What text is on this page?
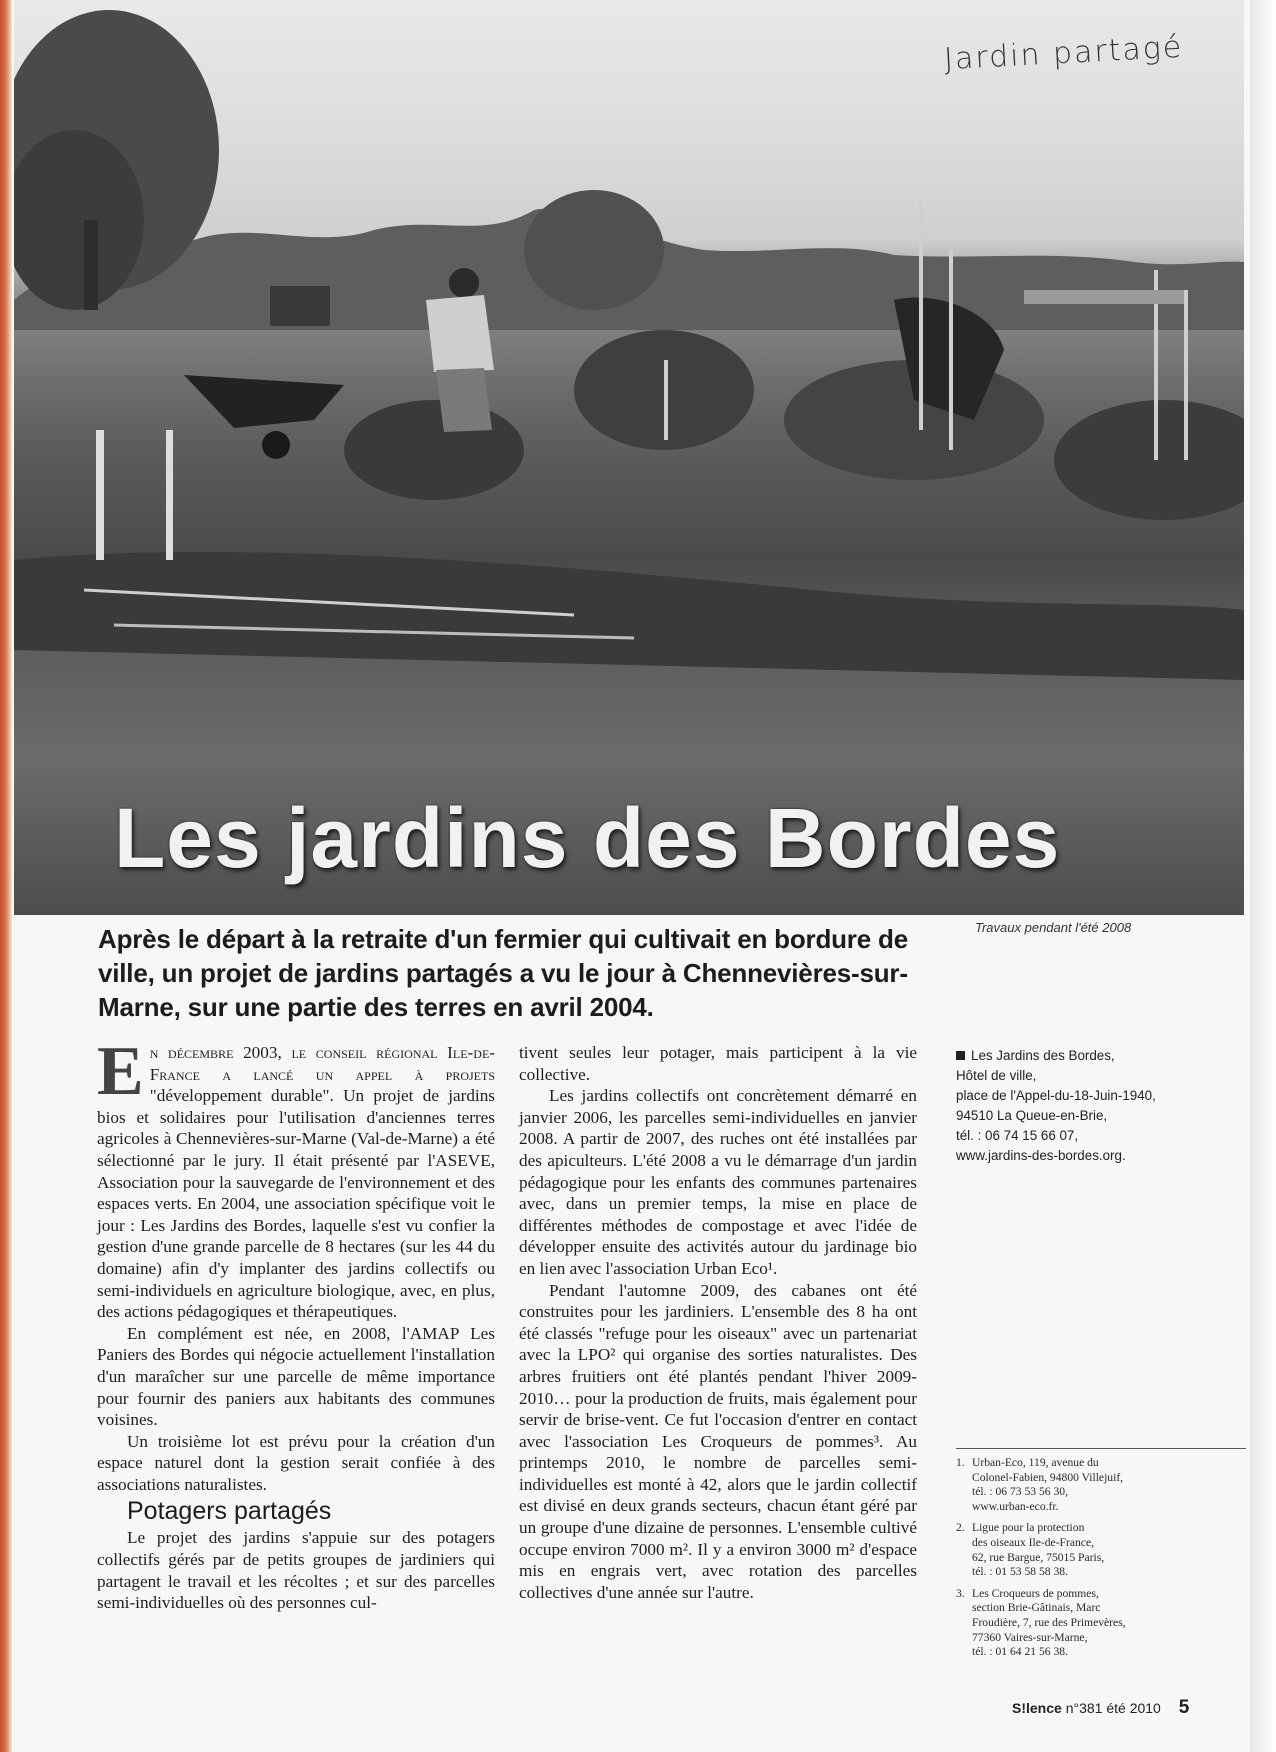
Jardin partagé
Les jardins des Bordes
Travaux pendant l'été 2008
Après le départ à la retraite d'un fermier qui cultivait en bordure de ville, un projet de jardins partagés a vu le jour à Chennevières-sur-Marne, sur une partie des terres en avril 2004.

En décembre 2003, le conseil régional Ile-de-France a lancé un appel à projets "développement durable". Un projet de jardins bios et solidaires pour l'utilisation d'anciennes terres agricoles à Chennevières-sur-Marne (Val-de-Marne) a été sélectionné par le jury. Il était présenté par l'ASEVE, Association pour la sauvegarde de l'environnement et des espaces verts. En 2004, une association spécifique voit le jour : Les Jardins des Bordes, laquelle s'est vu confier la gestion d'une grande parcelle de 8 hectares (sur les 44 du domaine) afin d'y implanter des jardins collectifs ou semi-individuels en agriculture biologique, avec, en plus, des actions pédagogiques et thérapeutiques.

En complément est née, en 2008, l'AMAP Les Paniers des Bordes qui négocie actuellement l'installation d'un maraîcher sur une parcelle de même importance pour fournir des paniers aux habitants des communes voisines.

Un troisième lot est prévu pour la création d'un espace naturel dont la gestion serait confiée à des associations naturalistes.

Potagers partagés

Le projet des jardins s'appuie sur des potagers collectifs gérés par de petits groupes de jardiniers qui partagent le travail et les récoltes ; et sur des parcelles semi-individuelles où des personnes cul-

tivent seules leur potager, mais participent à la vie collective.

Les jardins collectifs ont concrètement démarré en janvier 2006, les parcelles semi-individuelles en janvier 2008. A partir de 2007, des ruches ont été installées par des apiculteurs. L'été 2008 a vu le démarrage d'un jardin pédagogique pour les enfants des communes partenaires avec, dans un premier temps, la mise en place de différentes méthodes de compostage et avec l'idée de développer ensuite des activités autour du jardinage bio en lien avec l'association Urban Eco¹.

Pendant l'automne 2009, des cabanes ont été construites pour les jardiniers. L'ensemble des 8 ha ont été classés "refuge pour les oiseaux" avec un partenariat avec la LPO² qui organise des sorties naturalistes. Des arbres fruitiers ont été plantés pendant l'hiver 2009-2010… pour la production de fruits, mais également pour servir de brise-vent. Ce fut l'occasion d'entrer en contact avec l'association Les Croqueurs de pommes³. Au printemps 2010, le nombre de parcelles semi-individuelles est monté à 42, alors que le jardin collectif est divisé en deux grands secteurs, chacun étant géré par un groupe d'une dizaine de personnes. L'ensemble cultivé occupe environ 7000 m². Il y a environ 3000 m² d'espace mis en engrais vert, avec rotation des parcelles collectives d'une année sur l'autre.

Les Jardins des Bordes,
Hôtel de ville,
place de l'Appel-du-18-Juin-1940,
94510 La Queue-en-Brie,
tél. : 06 74 15 66 07,
www.jardins-des-bordes.org.
1. Urban-Eco, 119, avenue du
Colonel-Fabien, 94800 Villejuif,
tél. : 06 73 53 56 30,
www.urban-eco.fr.
2. Ligue pour la protection
des oiseaux Ile-de-France,
62, rue Bargue, 75015 Paris,
tél. : 01 53 58 58 38.
3. Les Croqueurs de pommes,
section Brie-Gâtinais, Marc
Froudière, 7, rue des Primevères,
77360 Vaires-sur-Marne,
tél. : 01 64 21 56 38.
S!lence n°381 été 2010 5
